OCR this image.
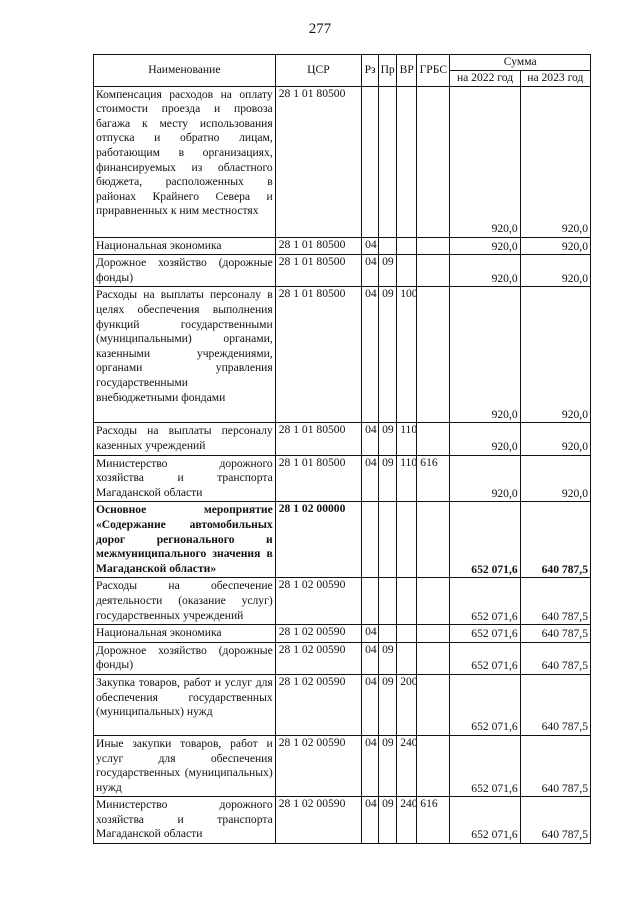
277
Наименование	ЦСР	Рз	Пр	ВР	ГРБС	Сумма	
						на 2022 год	на 2023 год
Компенсация расходов на оплату стоимости проезда и провоза багажа к месту использования отпуска и обратно лицам, работающим в организациях, финансируемых из областного бюджета, расположенных в районах Крайнего Севера и приравненных к ним местностях	28 1 01 80500					920,0	920,0
Национальная экономика	28 1 01 80500	04				920,0	920,0
Дорожное хозяйство (дорожные фонды)	28 1 01 80500	04	09			920,0	920,0
Расходы на выплаты персоналу в целях обеспечения выполнения функций государственными (муниципальными) органами, казенными учреждениями, органами управления государственными внебюджетными фондами	28 1 01 80500	04	09	100		920,0	920,0
Расходы на выплаты персоналу казенных учреждений	28 1 01 80500	04	09	110		920,0	920,0
Министерство дорожного хозяйства и транспорта Магаданской области	28 1 01 80500	04	09	110	616	920,0	920,0
Основное мероприятие «Содержание автомобильных дорог регионального и межмуниципального значения в Магаданской области»	28 1 02 00000					652 071,6	640 787,5
Расходы на обеспечение деятельности (оказание услуг) государственных учреждений	28 1 02 00590					652 071,6	640 787,5
Национальная экономика	28 1 02 00590	04				652 071,6	640 787,5
Дорожное хозяйство (дорожные фонды)	28 1 02 00590	04	09			652 071,6	640 787,5
Закупка товаров, работ и услуг для обеспечения государственных (муниципальных) нужд	28 1 02 00590	04	09	200		652 071,6	640 787,5
Иные закупки товаров, работ и услуг для обеспечения государственных (муниципальных) нужд	28 1 02 00590	04	09	240		652 071,6	640 787,5
Министерство дорожного хозяйства и транспорта Магаданской области	28 1 02 00590	04	09	240	616	652 071,6	640 787,5
